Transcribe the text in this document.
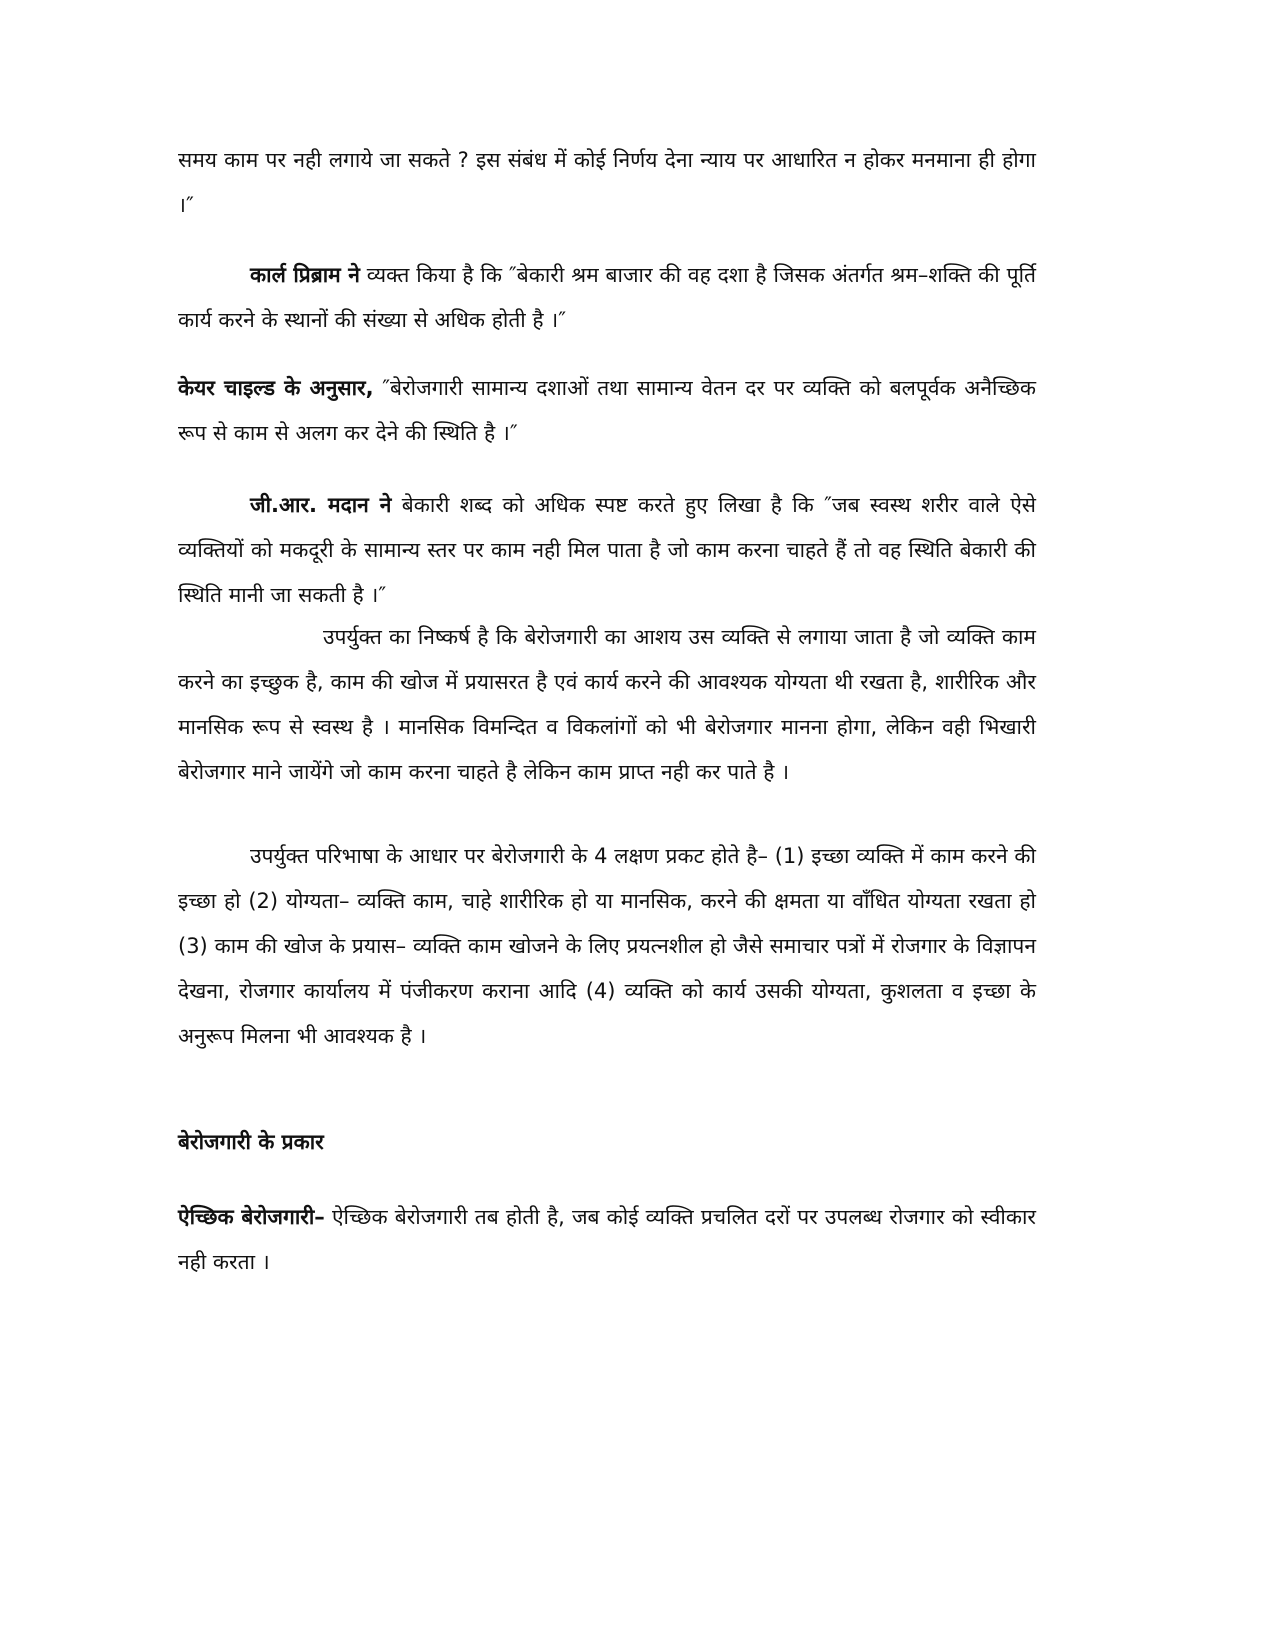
समय काम पर नही लगाये जा सकते ? इस संबंध में कोई निर्णय देना न्याय पर आधारित न होकर मनमाना ही होगा ।″

कार्ल प्रिब्राम ने व्यक्त किया है कि ″बेकारी श्रम बाजार की वह दशा है जिसक अंतर्गत श्रम–शक्ति की पूर्ति कार्य करने के स्थानों की संख्या से अधिक होती है ।″

केयर चाइल्ड के अनुसार, ″बेरोजगारी सामान्य दशाओं तथा सामान्य वेतन दर पर व्यक्ति को बलपूर्वक अनैच्छिक रूप से काम से अलग कर देने की स्थिति है ।″

जी.आर. मदान ने बेकारी शब्द को अधिक स्पष्ट करते हुए लिखा है कि ″जब स्वस्थ शरीर वाले ऐसे व्यक्तियों को मकदूरी के सामान्य स्तर पर काम नही मिल पाता है जो काम करना चाहते हैं तो वह स्थिति बेकारी की स्थिति मानी जा सकती है ।″

उपर्युक्त का निष्कर्ष है कि बेरोजगारी का आशय उस व्यक्ति से लगाया जाता है जो व्यक्ति काम करने का इच्छुक है, काम की खोज में प्रयासरत है एवं कार्य करने की आवश्यक योग्यता थी रखता है, शारीरिक और मानसिक रूप से स्वस्थ है । मानसिक विमन्दित व विकलांगों को भी बेरोजगार मानना होगा, लेकिन वही भिखारी बेरोजगार माने जायेंगे जो काम करना चाहते है लेकिन काम प्राप्त नही कर पाते है ।

उपर्युक्त परिभाषा के आधार पर बेरोजगारी के 4 लक्षण प्रकट होते है– (1) इच्छा व्यक्ति में काम करने की इच्छा हो (2) योग्यता– व्यक्ति काम, चाहे शारीरिक हो या मानसिक, करने की क्षमता या वाँधित योग्यता रखता हो (3) काम की खोज के प्रयास– व्यक्ति काम खोजने के लिए प्रयत्नशील हो जैसे समाचार पत्रों में रोजगार के विज्ञापन देखना, रोजगार कार्यालय में पंजीकरण कराना आदि (4) व्यक्ति को कार्य उसकी योग्यता, कुशलता व इच्छा के अनुरूप मिलना भी आवश्यक है ।

बेरोजगारी के प्रकार

ऐच्छिक बेरोजगारी– ऐच्छिक बेरोजगारी तब होती है, जब कोई व्यक्ति प्रचलित दरों पर उपलब्ध रोजगार को स्वीकार नही करता ।
